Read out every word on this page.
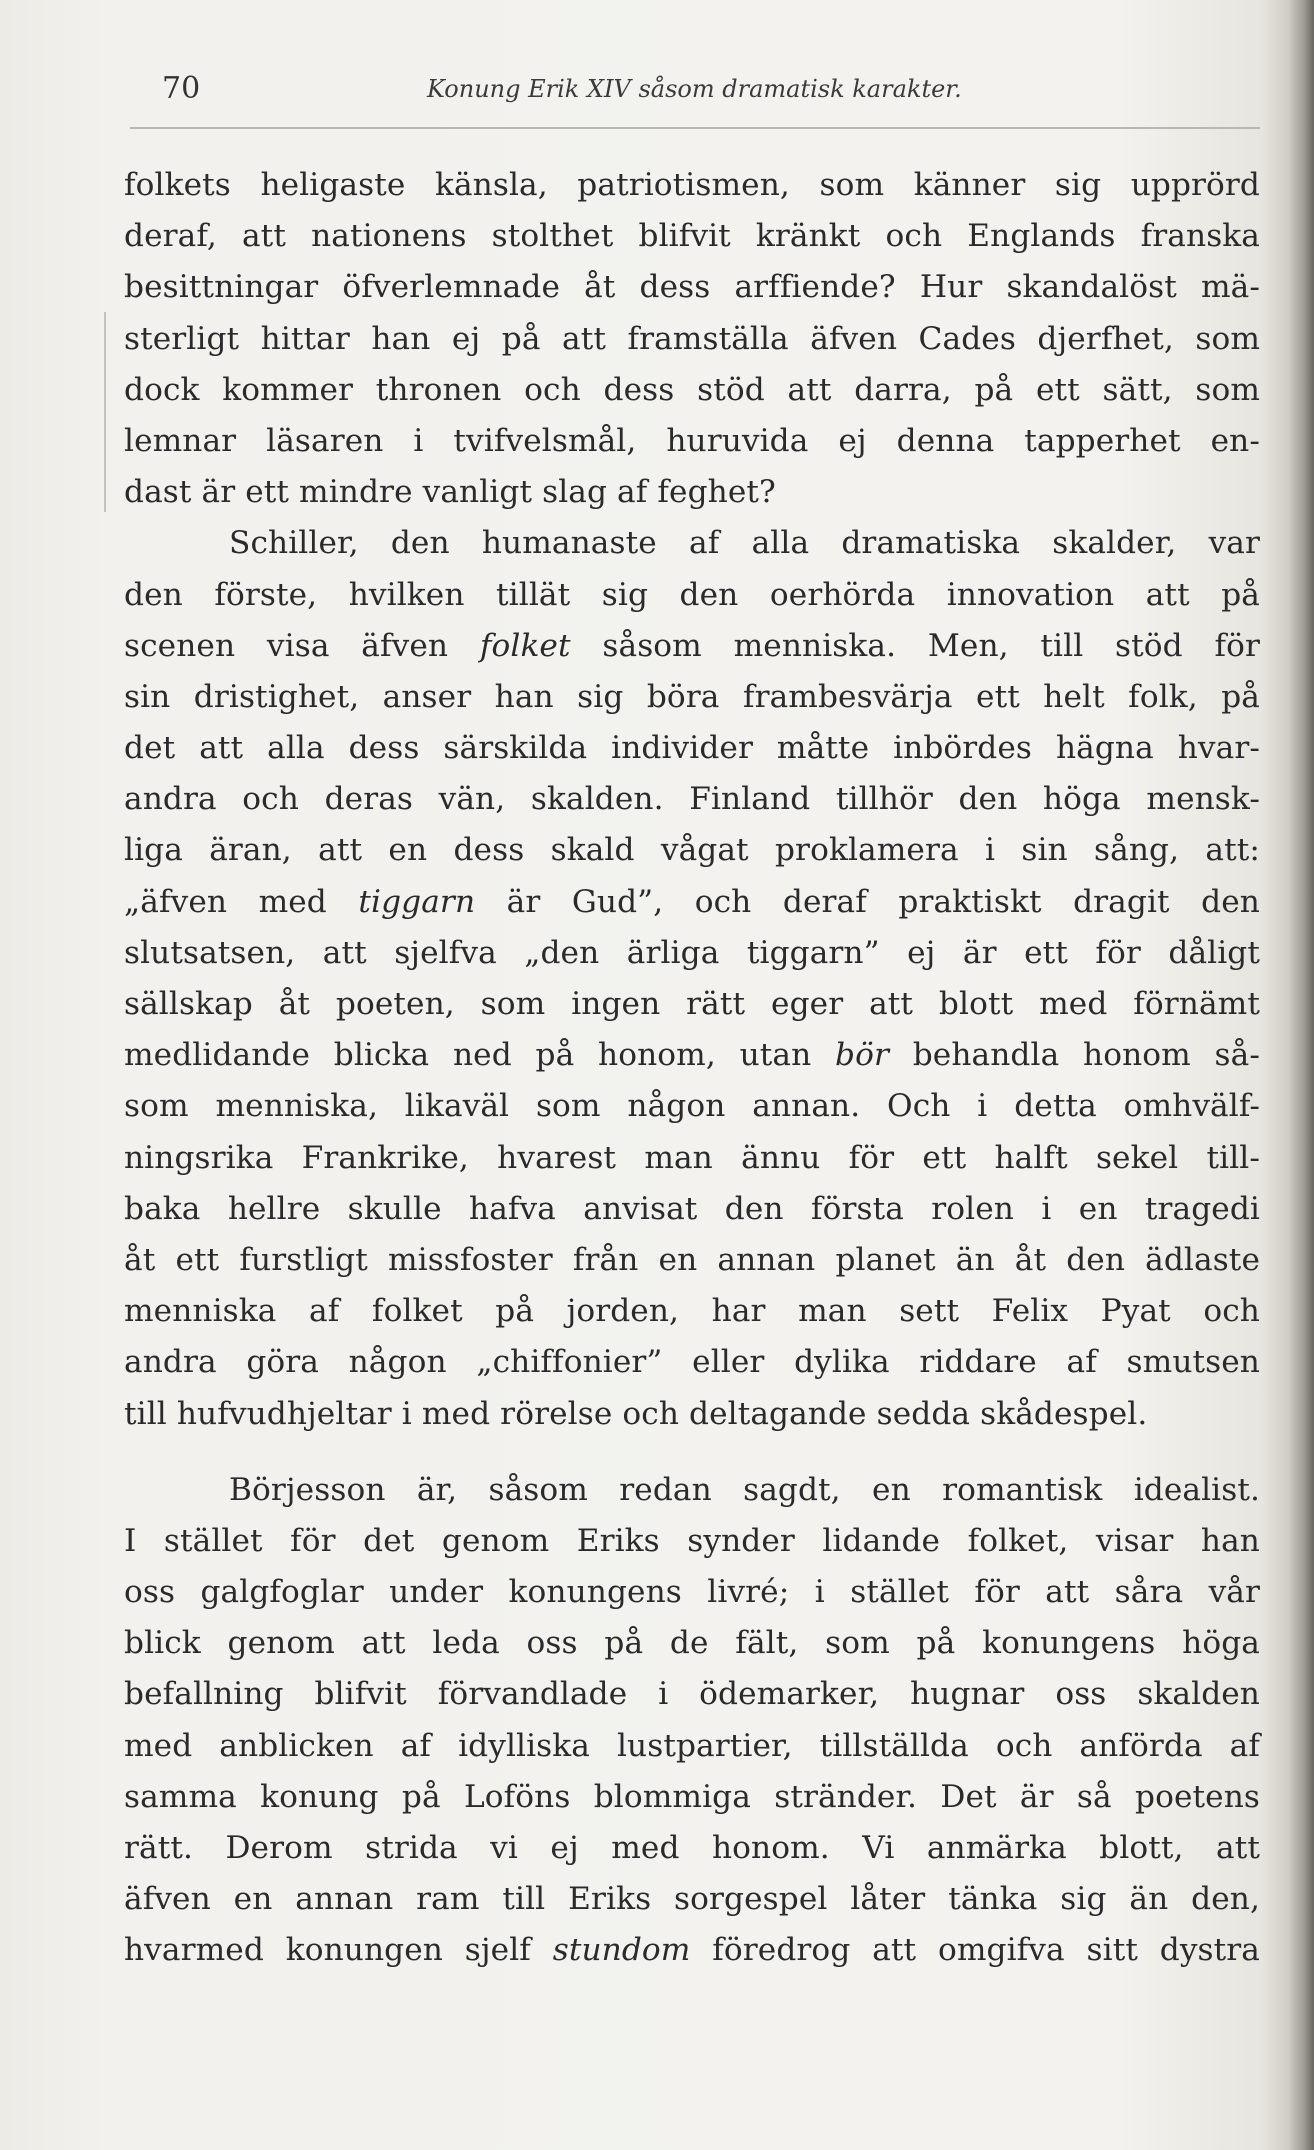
70	Konung Erik XIV såsom dramatisk karakter.
folkets heligaste känsla, patriotismen, som känner sig upprörd
deraf, att nationens stolthet blifvit kränkt och Englands franska
besittningar öfverlemnade åt dess arffiende? Hur skandalöst mä-
sterligt hittar han ej på att framställa äfven Cades djerfhet, som
dock kommer thronen och dess stöd att darra, på ett sätt, som
lemnar läsaren i tvifvelsmål, huruvida ej denna tapperhet en-
dast är ett mindre vanligt slag af feghet?
Schiller, den humanaste af alla dramatiska skalder, var
den förste, hvilken tillät sig den oerhörda innovation att på
scenen visa äfven folket såsom menniska. Men, till stöd för
sin dristighet, anser han sig böra frambesvärja ett helt folk, på
det att alla dess särskilda individer måtte inbördes hägna hvar-
andra och deras vän, skalden. Finland tillhör den höga mensk-
liga äran, att en dess skald vågat proklamera i sin sång, att:
„äfven med tiggarn är Gud”, och deraf praktiskt dragit den
slutsatsen, att sjelfva „den ärliga tiggarn” ej är ett för dåligt
sällskap åt poeten, som ingen rätt eger att blott med förnämt
medlidande blicka ned på honom, utan bör behandla honom så-
som menniska, likaväl som någon annan. Och i detta omhvälf-
ningsrika Frankrike, hvarest man ännu för ett halft sekel till-
baka hellre skulle hafva anvisat den första rolen i en tragedi
åt ett furstligt missfoster från en annan planet än åt den ädlaste
menniska af folket på jorden, har man sett Felix Pyat och
andra göra någon „chiffonier” eller dylika riddare af smutsen
till hufvudhjeltar i med rörelse och deltagande sedda skådespel.
Börjesson är, såsom redan sagdt, en romantisk idealist.
I stället för det genom Eriks synder lidande folket, visar han
oss galgfoglar under konungens livré; i stället för att såra vår
blick genom att leda oss på de fält, som på konungens höga
befallning blifvit förvandlade i ödemarker, hugnar oss skalden
med anblicken af idylliska lustpartier, tillställda och anförda af
samma konung på Loföns blommiga stränder. Det är så poetens
rätt. Derom strida vi ej med honom. Vi anmärka blott, att
äfven en annan ram till Eriks sorgespel låter tänka sig än den,
hvarmed konungen sjelf stundom föredrog att omgifva sitt dystra
